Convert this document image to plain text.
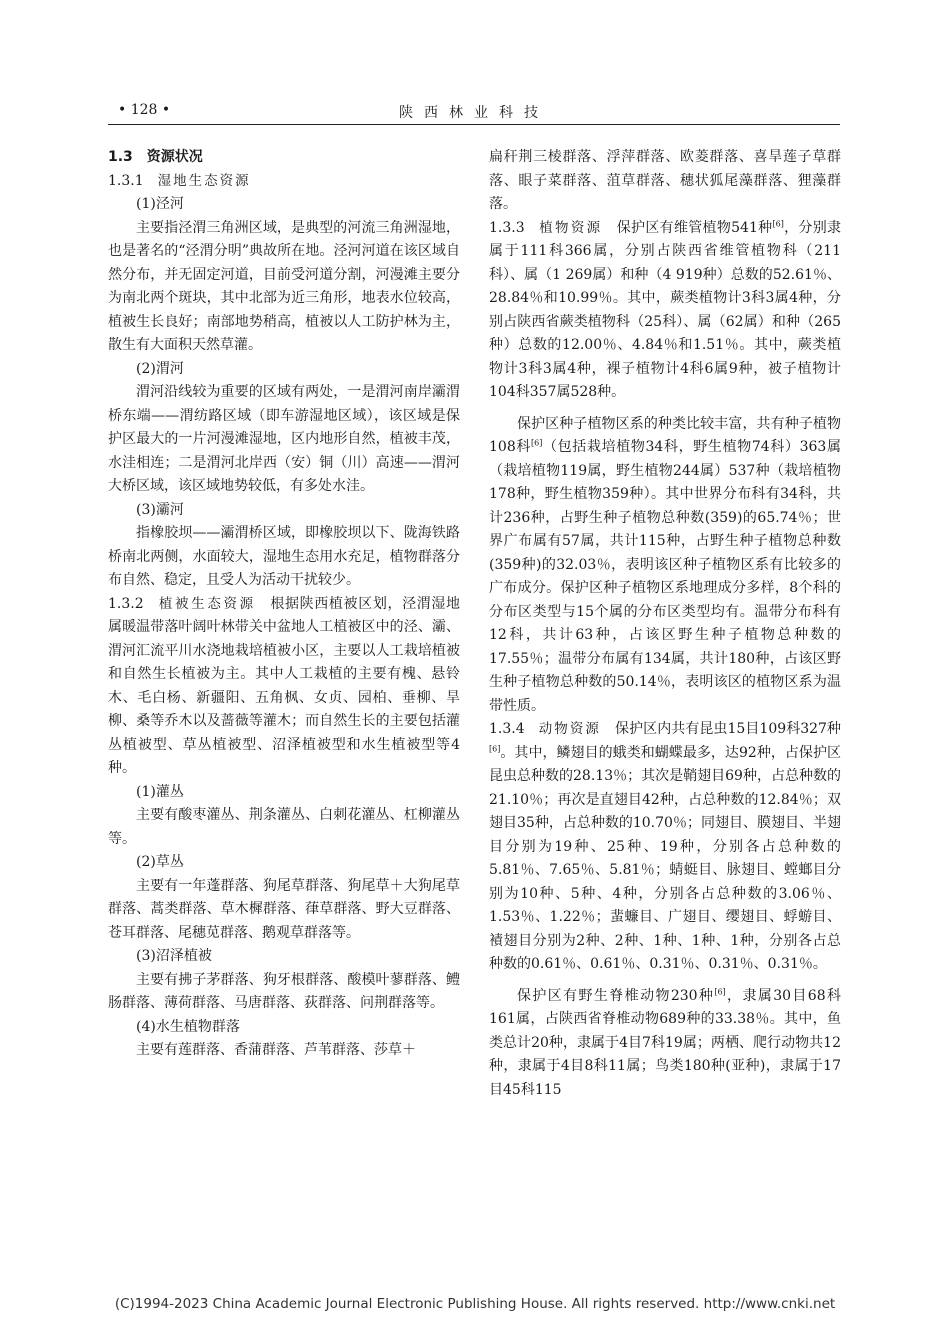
• 128 •	陕西林业科技

1.3　资源状况

1.3.1　 湿地生态资源

(1)泾河

主要指泾渭三角洲区域，是典型的河流三角洲湿地，也是著名的“泾渭分明”典故所在地。泾河河道在该区域自然分布，并无固定河道，目前受河道分割，河漫滩主要分为南北两个斑块，其中北部为近三角形，地表水位较高，植被生长良好；南部地势稍高，植被以人工防护林为主，散生有大面积天然草灌。

(2)渭河

渭河沿线较为重要的区域有两处，一是渭河南岸灞渭桥东端——渭纺路区域（即车游湿地区域），该区域是保护区最大的一片河漫滩湿地，区内地形自然，植被丰茂，水洼相连；二是渭河北岸西（安）铜（川）高速——渭河大桥区域，该区域地势较低，有多处水洼。

(3)灞河

指橡胶坝——灞渭桥区域，即橡胶坝以下、陇海铁路桥南北两侧，水面较大，湿地生态用水充足，植物群落分布自然、稳定，且受人为活动干扰较少。

1.3.2　 植被生态资源　 根据陕西植被区划，泾渭湿地属暖温带落叶阔叶林带关中盆地人工植被区中的泾、灞、渭河汇流平川水浇地栽培植被小区，主要以人工栽培植被和自然生长植被为主。其中人工栽植的主要有槐、悬铃木、毛白杨、新疆阳、五角枫、女贞、园柏、垂柳、旱柳、桑等乔木以及蔷薇等灌木；而自然生长的主要包括灌丛植被型、草丛植被型、沼泽植被型和水生植被型等4种。

(1)灌丛

主要有酸枣灌丛、荆条灌丛、白刺花灌丛、杠柳灌丛等。

(2)草丛

主要有一年蓬群落、狗尾草群落、狗尾草＋大狗尾草群落、蒿类群落、草木樨群落、葎草群落、野大豆群落、苍耳群落、尾穗苋群落、鹅观草群落等。

(3)沼泽植被

主要有拂子茅群落、狗牙根群落、酸模叶蓼群落、鳢肠群落、薄荷群落、马唐群落、荻群落、问荆群落等。

(4)水生植物群落

主要有莲群落、香蒲群落、芦苇群落、莎草＋

扁秆荆三棱群落、浮萍群落、欧菱群落、喜旱莲子草群落、眼子菜群落、菹草群落、穗状狐尾藻群落、狸藻群落。

1.3.3　 植物资源　 保护区有维管植物541种[6]，分别隶属于111科366属，分别占陕西省维管植物科（211科）、属（1 269属）和种（4 919种）总数的52.61％、28.84％和10.99％。其中，蕨类植物计3科3属4种，分别占陕西省蕨类植物科（25科）、属（62属）和种（265种）总数的12.00％、4.84％和1.51％。其中，蕨类植物计3科3属4种，裸子植物计4科6属9种，被子植物计104科357属528种。

保护区种子植物区系的种类比较丰富，共有种子植物108科[6]（包括栽培植物34科，野生植物74科）363属（栽培植物119属，野生植物244属）537种（栽培植物178种，野生植物359种）。其中世界分布科有34科，共计236种，占野生种子植物总种数(359)的65.74％；世界广布属有57属，共计115种，占野生种子植物总种数(359种)的32.03％，表明该区种子植物区系有比较多的广布成分。保护区种子植物区系地理成分多样，8个科的分布区类型与15个属的分布区类型均有。温带分布科有12科，共计63种，占该区野生种子植物总种数的17.55％；温带分布属有134属，共计180种，占该区野生种子植物总种数的50.14％，表明该区的植物区系为温带性质。

1.3.4　 动物资源　 保护区内共有昆虫15目109科327种[6]。其中，鳞翅目的蛾类和蝴蝶最多，达92种，占保护区昆虫总种数的28.13％；其次是鞘翅目69种，占总种数的21.10％；再次是直翅目42种，占总种数的12.84％；双翅目35种，占总种数的10.70％；同翅目、膜翅目、半翅目分别为19种、25种、19种，分别各占总种数的5.81％、7.65％、5.81％；蜻蜓目、脉翅目、螳螂目分别为10种、5种、4种，分别各占总种数的3.06％、1.53％、1.22％；蜚蠊目、广翅目、缨翅目、蜉蝣目、襀翅目分别为2种、2种、1种、1种、1种，分别各占总种数的0.61％、0.61％、0.31％、0.31％、0.31％。

保护区有野生脊椎动物230种[6]，隶属30目68科161属，占陕西省脊椎动物689种的33.38％。其中，鱼类总计20种，隶属于4目7科19属；两栖、爬行动物共12种，隶属于4目8科11属；鸟类180种(亚种)，隶属于17目45科115

(C)1994-2023 China Academic Journal Electronic Publishing House. All rights reserved. http://www.cnki.net
